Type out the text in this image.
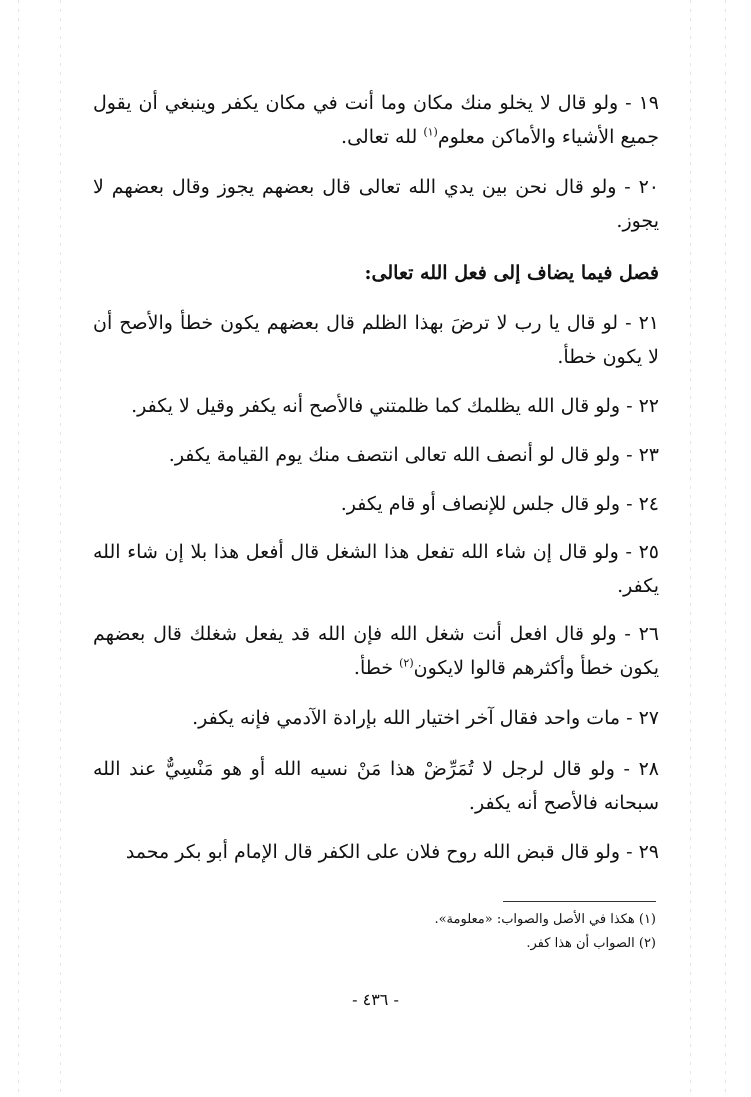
١٩ - ولو قال لا يخلو منك مكان وما أنت في مكان يكفر وينبغي أن يقول جميع الأشياء والأماكن معلوم$^{(١)}$ لله تعالى.
٢٠ - ولو قال نحن بين يدي الله تعالى قال بعضهم يجوز وقال بعضهم لا يجوز.
فصل فيما يضاف إلى فعل الله تعالى:
٢١ - لو قال يا رب لا ترضَ بهذا الظلم قال بعضهم يكون خطأ والأصح أن لا يكون خطأ.
٢٢ - ولو قال الله يظلمك كما ظلمتني فالأصح أنه يكفر وقيل لا يكفر.
٢٣ - ولو قال لو أنصف الله تعالى انتصف منك يوم القيامة يكفر.
٢٤ - ولو قال جلس للإنصاف أو قام يكفر.
٢٥ - ولو قال إن شاء الله تفعل هذا الشغل قال أفعل هذا بلا إن شاء الله يكفر.
٢٦ - ولو قال افعل أنت شغل الله فإن الله قد يفعل شغلك قال بعضهم يكون خطأ وأكثرهم قالوا لايكون$^{(٢)}$ خطأ.
٢٧ - مات واحد فقال آخر اختيار الله بإرادة الآدمي فإنه يكفر.
٢٨ - ولو قال لرجل لا تُمَرِّضْ هذا مَنْ نسيه الله أو هو مَنْسِيٌّ عند الله سبحانه فالأصح أنه يكفر.
٢٩ - ولو قال قبض الله روح فلان على الكفر قال الإمام أبو بكر محمد
(١) هكذا في الأصل والصواب: «معلومة».
(٢) الصواب أن هذا كفر.
- ٤٣٦ -
